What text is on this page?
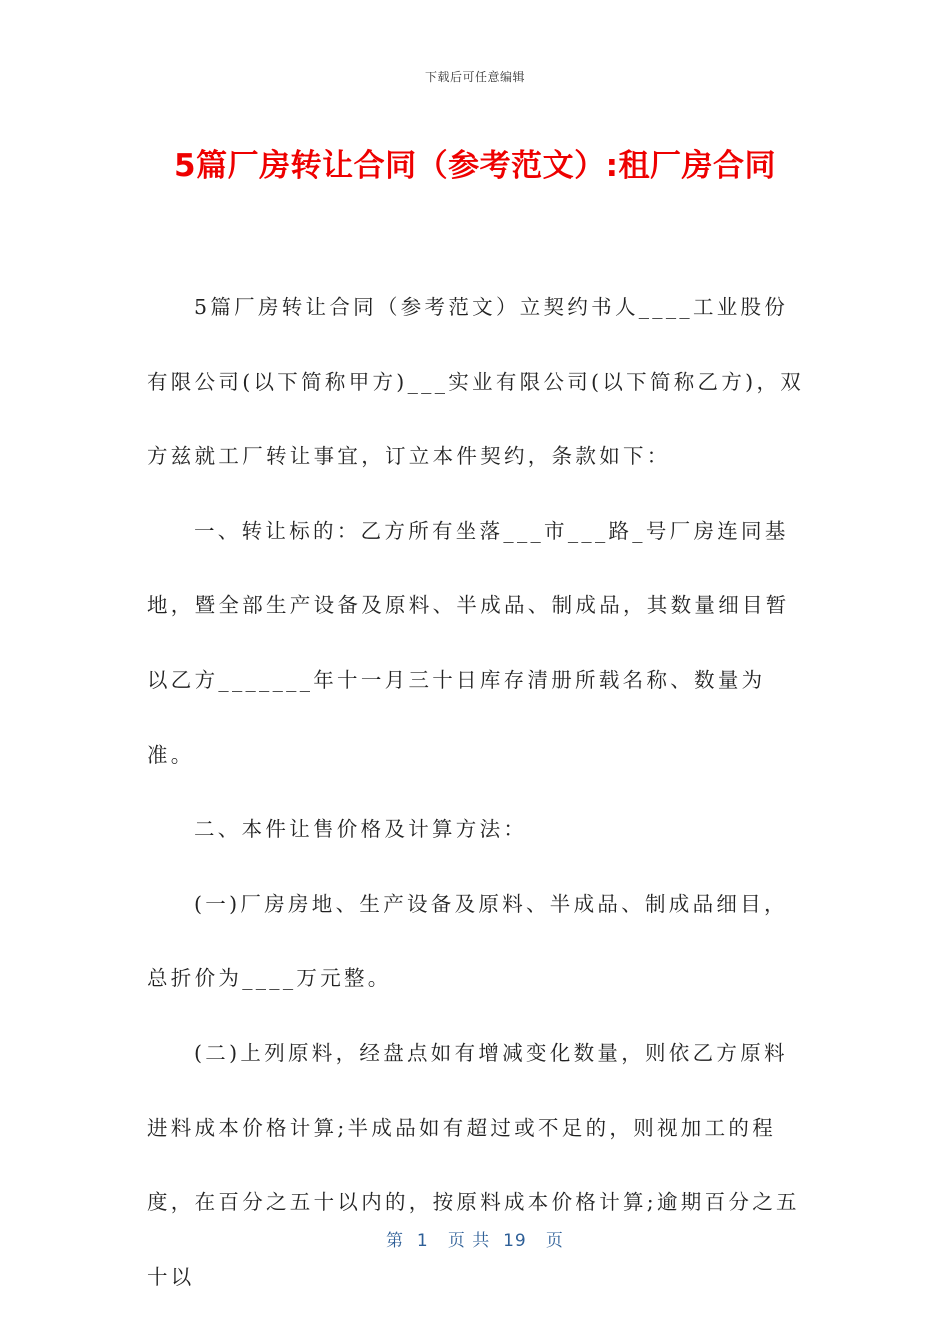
下载后可任意编辑
5篇厂房转让合同（参考范文）:租厂房合同

5篇厂房转让合同（参考范文）立契约书人____工业股份有限公司(以下简称甲方)___实业有限公司(以下简称乙方)，双方兹就工厂转让事宜，订立本件契约，条款如下：

一、转让标的：乙方所有坐落___市___路_号厂房连同基地，暨全部生产设备及原料、半成品、制成品，其数量细目暂以乙方_______年十一月三十日库存清册所载名称、数量为准。

二、本件让售价格及计算方法：

(一)厂房房地、生产设备及原料、半成品、制成品细目，总折价为____万元整。

(二)上列原料，经盘点如有增减变化数量，则依乙方原料进料成本价格计算;半成品如有超过或不足的，则视加工的程度，在百分之五十以内的，按原料成本价格计算;逾期百分之五十以

第  1   页 共  19   页
